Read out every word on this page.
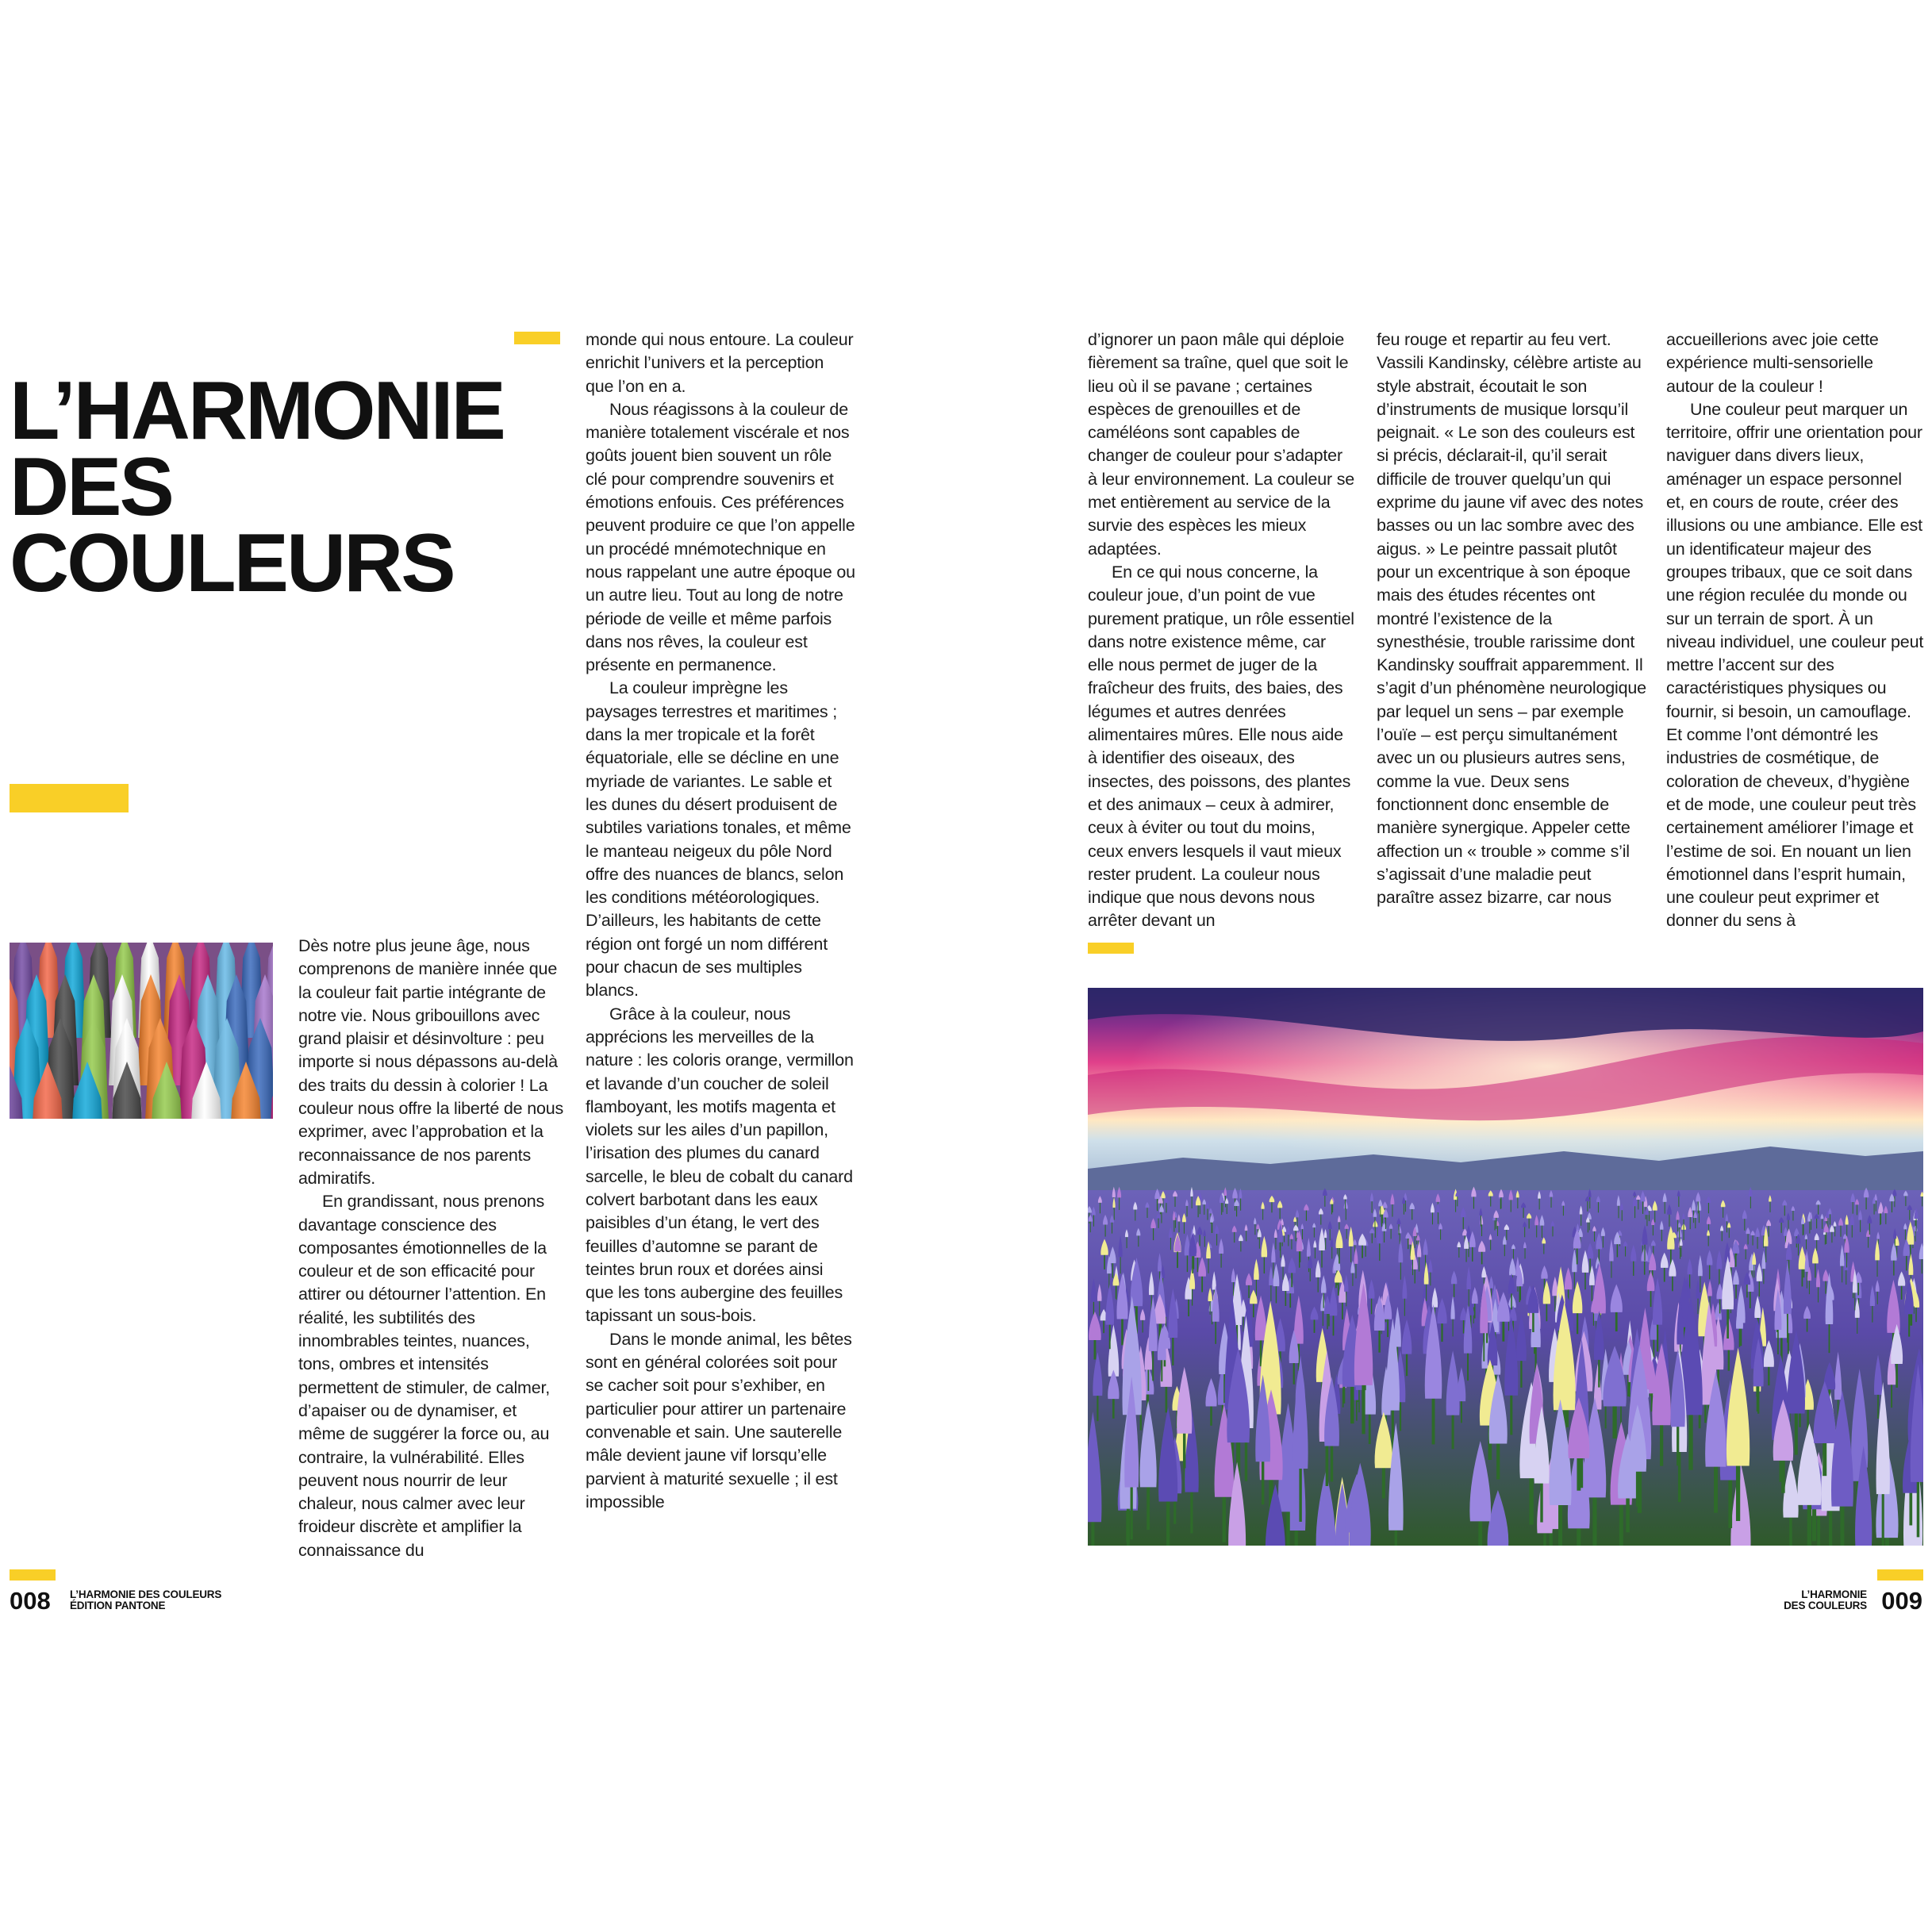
L’HARMONIE
DES
COULEURS

Dès notre plus jeune âge, nous comprenons de manière innée que la couleur fait partie intégrante de notre vie. Nous gribouillons avec grand plaisir et désinvolture : peu importe si nous dépassons au-delà des traits du dessin à colorier ! La couleur nous offre la liberté de nous exprimer, avec l’approbation et la reconnaissance de nos parents admiratifs.

En grandissant, nous prenons davantage conscience des composantes émotionnelles de la couleur et de son efficacité pour attirer ou détourner l’attention. En réalité, les subtilités des innombrables teintes, nuances, tons, ombres et intensités permettent de stimuler, de calmer, d’apaiser ou de dynamiser, et même de suggérer la force ou, au contraire, la vulnérabilité. Elles peuvent nous nourrir de leur chaleur, nous calmer avec leur froideur discrète et amplifier la connaissance du

monde qui nous entoure. La couleur enrichit l’univers et la perception que l’on en a.

Nous réagissons à la couleur de manière totalement viscérale et nos goûts jouent bien souvent un rôle clé pour comprendre souvenirs et émotions enfouis. Ces préférences peuvent produire ce que l’on appelle un procédé mnémotechnique en nous rappelant une autre époque ou un autre lieu. Tout au long de notre période de veille et même parfois dans nos rêves, la couleur est présente en permanence.

La couleur imprègne les paysages terrestres et maritimes ; dans la mer tropicale et la forêt équatoriale, elle se décline en une myriade de variantes. Le sable et les dunes du désert produisent de subtiles variations tonales, et même le manteau neigeux du pôle Nord offre des nuances de blancs, selon les conditions météorologiques. D’ailleurs, les habitants de cette région ont forgé un nom différent pour chacun de ses multiples blancs.

Grâce à la couleur, nous apprécions les merveilles de la nature : les coloris orange, vermillon et lavande d’un coucher de soleil flamboyant, les motifs magenta et violets sur les ailes d’un papillon, l’irisation des plumes du canard sarcelle, le bleu de cobalt du canard colvert barbotant dans les eaux paisibles d’un étang, le vert des feuilles d’automne se parant de teintes brun roux et dorées ainsi que les tons aubergine des feuilles tapissant un sous-bois.

Dans le monde animal, les bêtes sont en général colorées soit pour se cacher soit pour s’exhiber, en particulier pour attirer un partenaire convenable et sain. Une sauterelle mâle devient jaune vif lorsqu’elle parvient à maturité sexuelle ; il est impossible

d’ignorer un paon mâle qui déploie fièrement sa traîne, quel que soit le lieu où il se pavane ; certaines espèces de grenouilles et de caméléons sont capables de changer de couleur pour s’adapter à leur environnement. La couleur se met entièrement au service de la survie des espèces les mieux adaptées.

En ce qui nous concerne, la couleur joue, d’un point de vue purement pratique, un rôle essentiel dans notre existence même, car elle nous permet de juger de la fraîcheur des fruits, des baies, des légumes et autres denrées alimentaires mûres. Elle nous aide à identifier des oiseaux, des insectes, des poissons, des plantes et des animaux – ceux à admirer, ceux à éviter ou tout du moins, ceux envers lesquels il vaut mieux rester prudent. La couleur nous indique que nous devons nous arrêter devant un

feu rouge et repartir au feu vert. Vassili Kandinsky, célèbre artiste au style abstrait, écoutait le son d’instruments de musique lorsqu’il peignait. « Le son des couleurs est si précis, déclarait-il, qu’il serait difficile de trouver quelqu’un qui exprime du jaune vif avec des notes basses ou un lac sombre avec des aigus. » Le peintre passait plutôt pour un excentrique à son époque mais des études récentes ont montré l’existence de la synesthésie, trouble rarissime dont Kandinsky souffrait apparemment. Il s’agit d’un phénomène neurologique par lequel un sens – par exemple l’ouïe – est perçu simultanément avec un ou plusieurs autres sens, comme la vue. Deux sens fonctionnent donc ensemble de manière synergique. Appeler cette affection un « trouble » comme s’il s’agissait d’une maladie peut paraître assez bizarre, car nous

accueillerions avec joie cette expérience multi-sensorielle autour de la couleur !

Une couleur peut marquer un territoire, offrir une orientation pour naviguer dans divers lieux, aménager un espace personnel et, en cours de route, créer des illusions ou une ambiance. Elle est un identificateur majeur des groupes tribaux, que ce soit dans une région reculée du monde ou sur un terrain de sport. À un niveau individuel, une couleur peut mettre l’accent sur des caractéristiques physiques ou fournir, si besoin, un camouflage. Et comme l’ont démontré les industries de cosmétique, de coloration de cheveux, d’hygiène et de mode, une couleur peut très certainement améliorer l’image et l’estime de soi. En nouant un lien émotionnel dans l’esprit humain, une couleur peut exprimer et donner du sens à

008 L’HARMONIE DES COULEURS
ÉDITION PANTONE
L’HARMONIE
DES COULEURS 009
